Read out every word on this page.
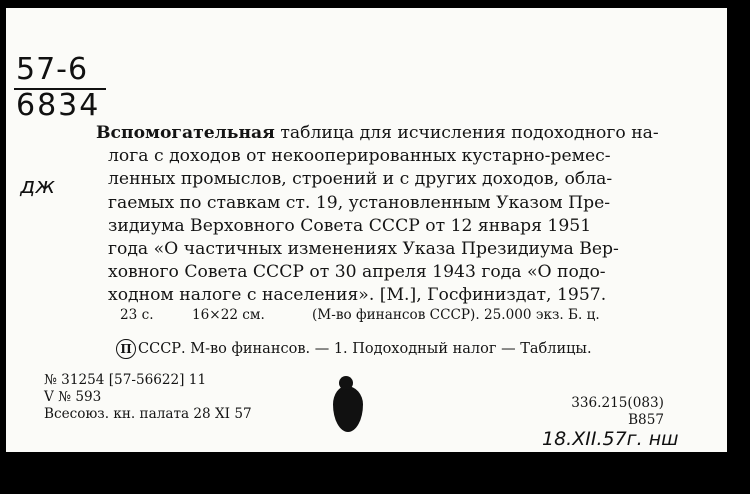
57-6
6834
дж
Вспомогательная таблица для исчисления подоходного на-
лога с доходов от некооперированных кустарно-ремес-
ленных промыслов, строений и с других доходов, обла-
гаемых по ставкам ст. 19, установленным Указом Пре-
зидиума Верховного Совета СССР от 12 января 1951
года «О частичных изменениях Указа Президиума Вер-
ховного Совета СССР от 30 апреля 1943 года «О подо-
ходном налоге с населения». [М.], Госфиниздат, 1957.
23 с.	16×22 см.	(М-во финансов СССР). 25.000 экз. Б. ц.
П СССР. М-во финансов. — 1. Подоходный налог — Таблицы.
№ 31254 [57-56622] 11
V № 593
Всесоюз. кн. палата 28 XI 57
336.215(083)
В857
18.XII.57г. нш
